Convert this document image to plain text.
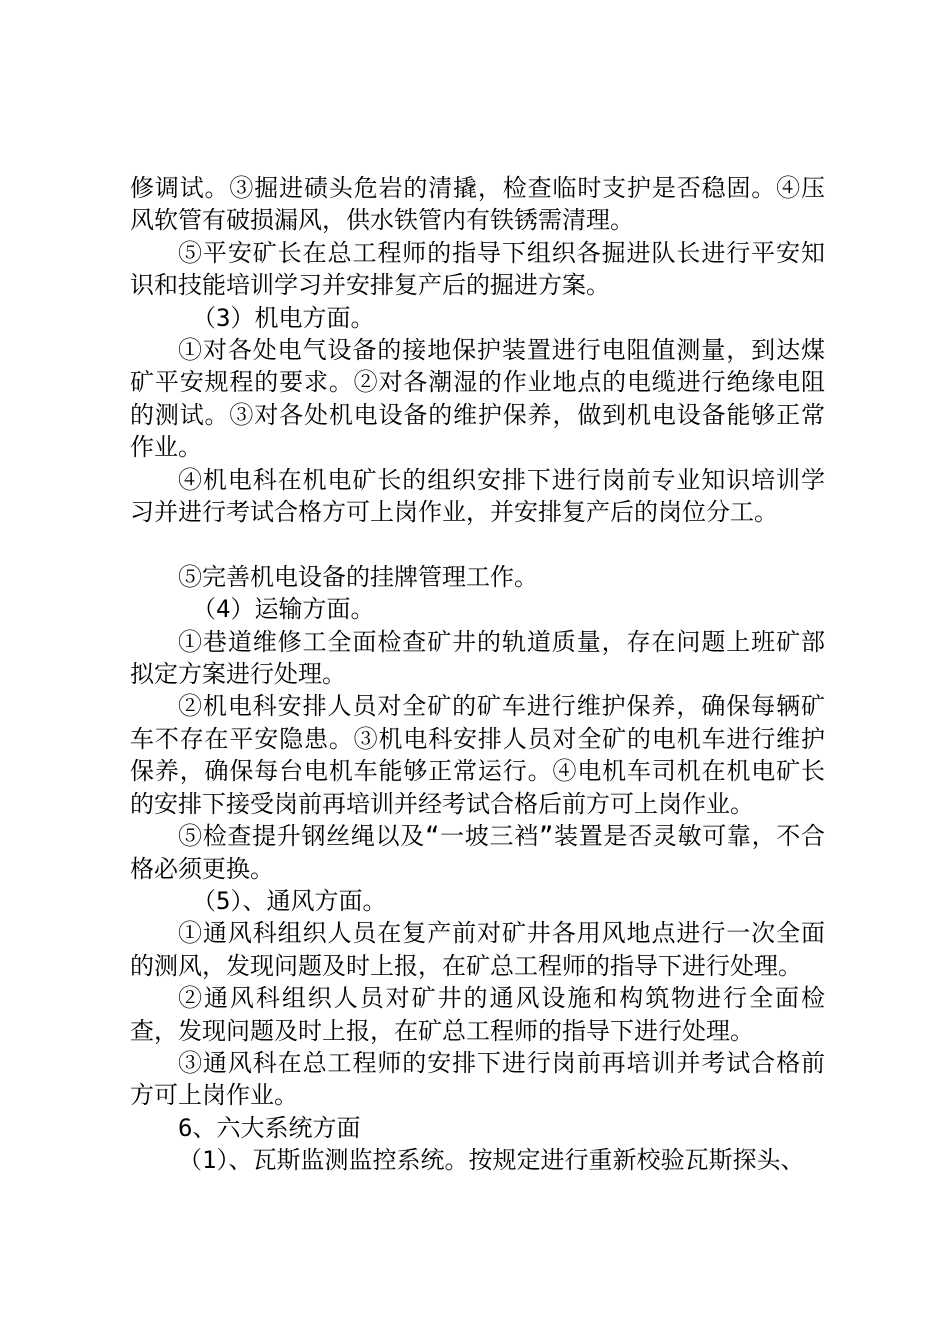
修调试。③掘进碛头危岩的清撬，检查临时支护是否稳固。④压风软管有破损漏风，供水铁管内有铁锈需清理。

⑤平安矿长在总工程师的指导下组织各掘进队长进行平安知识和技能培训学习并安排复产后的掘进方案。

（3）机电方面。

①对各处电气设备的接地保护装置进行电阻值测量，到达煤矿平安规程的要求。②对各潮湿的作业地点的电缆进行绝缘电阻的测试。③对各处机电设备的维护保养，做到机电设备能够正常作业。

④机电科在机电矿长的组织安排下进行岗前专业知识培训学习并进行考试合格方可上岗作业，并安排复产后的岗位分工。

⑤完善机电设备的挂牌管理工作。

（4）运输方面。

①巷道维修工全面检查矿井的轨道质量，存在问题上班矿部拟定方案进行处理。

②机电科安排人员对全矿的矿车进行维护保养，确保每辆矿车不存在平安隐患。③机电科安排人员对全矿的电机车进行维护保养，确保每台电机车能够正常运行。④电机车司机在机电矿长的安排下接受岗前再培训并经考试合格后前方可上岗作业。

⑤检查提升钢丝绳以及“一坡三裆”装置是否灵敏可靠，不合格必须更换。

（5）、通风方面。

①通风科组织人员在复产前对矿井各用风地点进行一次全面的测风，发现问题及时上报，在矿总工程师的指导下进行处理。

②通风科组织人员对矿井的通风设施和构筑物进行全面检查，发现问题及时上报，在矿总工程师的指导下进行处理。

③通风科在总工程师的安排下进行岗前再培训并考试合格前方可上岗作业。

6、六大系统方面

（1）、瓦斯监测监控系统。按规定进行重新校验瓦斯探头、
